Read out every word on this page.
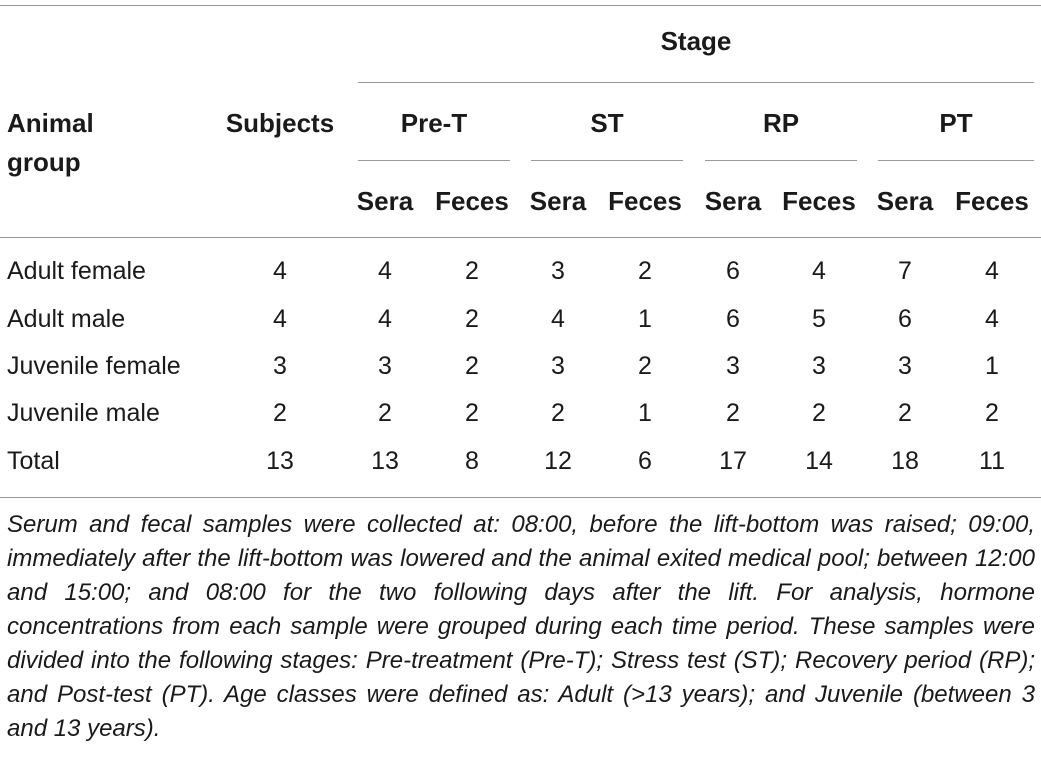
Stage
Animal
group
Subjects	Pre-T	ST	RP	PT
Sera Feces Sera Feces Sera Feces Sera Feces
Adult female	4	4	2	3	2	6	4	7	4
Adult male	4	4	2	4	1	6	5	6	4
Juvenile female	3	3	2	3	2	3	3	3	1
Juvenile male	2	2	2	2	1	2	2	2	2
Total	13	13	8	12	6	17 14 18 11
Serum and fecal samples were collected at: 08:00, before the lift-bottom was raised; 09:00, immediately after the lift-bottom was lowered and the animal exited medical pool; between 12:00 and 15:00; and 08:00 for the two following days after the lift. For analysis, hormone concentrations from each sample were grouped during each time period. These samples were divided into the following stages: Pre-treatment (Pre-T); Stress test (ST); Recovery period (RP); and Post-test (PT). Age classes were defined as: Adult (>13 years); and Juvenile (between 3 and 13 years).
